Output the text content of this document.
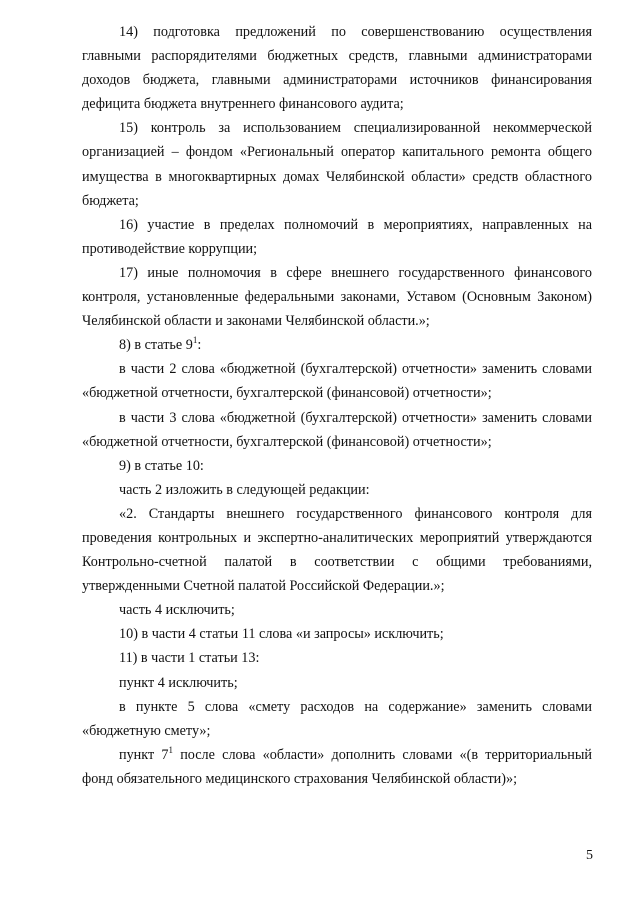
14) подготовка предложений по совершенствованию осуществления главными распорядителями бюджетных средств, главными администраторами доходов бюджета, главными администраторами источников финансирования дефицита бюджета внутреннего финансового аудита;

15) контроль за использованием специализированной некоммерческой организацией – фондом «Региональный оператор капитального ремонта общего имущества в многоквартирных домах Челябинской области» средств областного бюджета;

16) участие в пределах полномочий в мероприятиях, направленных на противодействие коррупции;

17) иные полномочия в сфере внешнего государственного финансового контроля, установленные федеральными законами, Уставом (Основным Законом) Челябинской области и законами Челябинской области.»;

8) в статье $9^1$:

в части 2 слова «бюджетной (бухгалтерской) отчетности» заменить словами «бюджетной отчетности, бухгалтерской (финансовой) отчетности»;

в части 3 слова «бюджетной (бухгалтерской) отчетности» заменить словами «бюджетной отчетности, бухгалтерской (финансовой) отчетности»;

9) в статье 10:

часть 2 изложить в следующей редакции:

«2. Стандарты внешнего государственного финансового контроля для проведения контрольных и экспертно-аналитических мероприятий утверждаются Контрольно-счетной палатой в соответствии с общими требованиями, утвержденными Счетной палатой Российской Федерации.»;

часть 4 исключить;

10) в части 4 статьи 11 слова «и запросы» исключить;

11) в части 1 статьи 13:

пункт 4 исключить;

в пункте 5 слова «смету расходов на содержание» заменить словами «бюджетную смету»;

пункт $7^1$ после слова «области» дополнить словами «(в территориальный фонд обязательного медицинского страхования Челябинской области)»;

5
